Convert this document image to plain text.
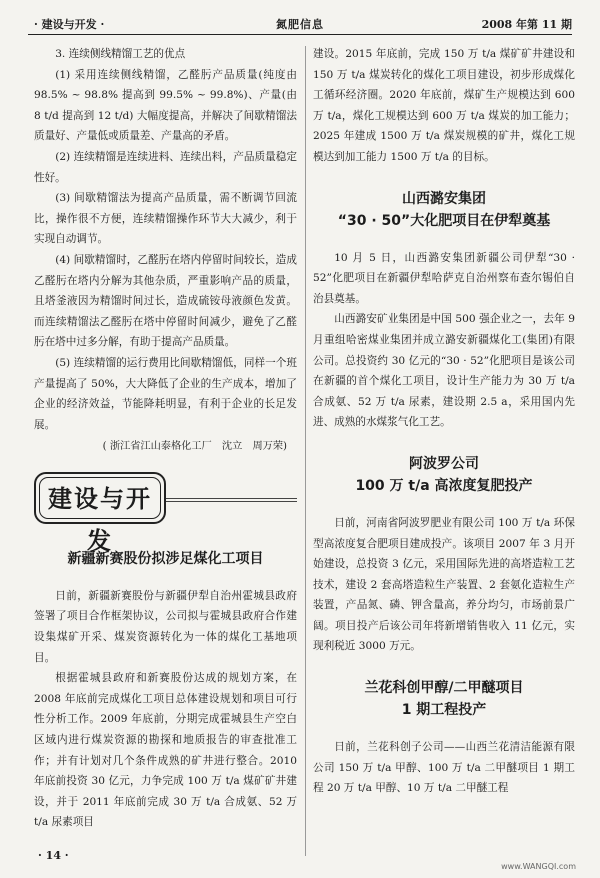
· 建设与开发 ·	氮肥信息	2008 年第 11 期

3. 连续侧线精馏工艺的优点

(1) 采用连续侧线精馏，乙醛肟产品质量(纯度由 98.5% ~ 98.8% 提高到 99.5% ~ 99.8%)、产量(由 8 t/d 提高到 12 t/d) 大幅度提高，并解决了间歇精馏法质量好、产量低或质量差、产量高的矛盾。

(2) 连续精馏是连续进料、连续出料，产品质量稳定性好。

(3) 间歇精馏法为提高产品质量，需不断调节回流比，操作很不方便，连续精馏操作环节大大减少，利于实现自动调节。

(4) 间歇精馏时，乙醛肟在塔内停留时间较长，造成乙醛肟在塔内分解为其他杂质，严重影响产品的质量，且塔釜液因为精馏时间过长，造成硫铵母液颜色发黄。而连续精馏法乙醛肟在塔中停留时间减少，避免了乙醛肟在塔中过多分解，有助于提高产品质量。

(5) 连续精馏的运行费用比间歇精馏低，同样一个班产量提高了 50%，大大降低了企业的生产成本，增加了企业的经济效益，节能降耗明显，有利于企业的长足发展。

( 浙江省江山泰格化工厂　沈立　周万荣)
建设与开发
新疆新赛股份拟涉足煤化工项目

日前，新疆新赛股份与新疆伊犁自治州霍城县政府签署了项目合作框架协议，公司拟与霍城县政府合作建设集煤矿开采、煤炭资源转化为一体的煤化工基地项目。

根据霍城县政府和新赛股份达成的规划方案，在 2008 年底前完成煤化工项目总体建设规划和项目可行性分析工作。2009 年底前，分期完成霍城县生产空白区域内进行煤炭资源的勘探和地质报告的审查批准工作；并有计划对几个条件成熟的矿井进行整合。2010 年底前投资 30 亿元，力争完成 100 万 t/a 煤矿矿井建设，并于 2011 年底前完成 30 万 t/a 合成氨、52 万 t/a 尿素项目

建设。2015 年底前，完成 150 万 t/a 煤矿矿井建设和 150 万 t/a 煤炭转化的煤化工项目建设，初步形成煤化工循环经济圈。2020 年底前，煤矿生产规模达到 600 万 t/a，煤化工规模达到 600 万 t/a 煤炭的加工能力；2025 年建成 1500 万 t/a 煤炭规模的矿井，煤化工规模达到加工能力 1500 万 t/a 的目标。

山西潞安集团
“30 · 50”大化肥项目在伊犁奠基

10 月 5 日，山西潞安集团新疆公司伊犁“30 · 52”化肥项目在新疆伊犁哈萨克自治州察布查尔锡伯自治县奠基。

山西潞安矿业集团是中国 500 强企业之一，去年 9 月重组哈密煤业集团并成立潞安新疆煤化工(集团)有限公司。总投资约 30 亿元的“30 · 52”化肥项目是该公司在新疆的首个煤化工项目，设计生产能力为 30 万 t/a 合成氨、52 万 t/a 尿素，建设期 2.5 a，采用国内先进、成熟的水煤浆气化工艺。

阿波罗公司
100 万 t/a 高浓度复肥投产

日前，河南省阿波罗肥业有限公司 100 万 t/a 环保型高浓度复合肥项目建成投产。该项目 2007 年 3 月开始建设，总投资 3 亿元，采用国际先进的高塔造粒工艺技术，建设 2 套高塔造粒生产装置、2 套氨化造粒生产装置，产品氮、磷、钾含量高，养分均匀，市场前景广阔。项目投产后该公司年将新增销售收入 11 亿元，实现利税近 3000 万元。

兰花科创甲醇/二甲醚项目
1 期工程投产

日前，兰花科创子公司——山西兰花清洁能源有限公司 150 万 t/a 甲醇、100 万 t/a 二甲醚项目 1 期工程 20 万 t/a 甲醇、10 万 t/a 二甲醚工程

· 14 ·
www.WANGQI.com
